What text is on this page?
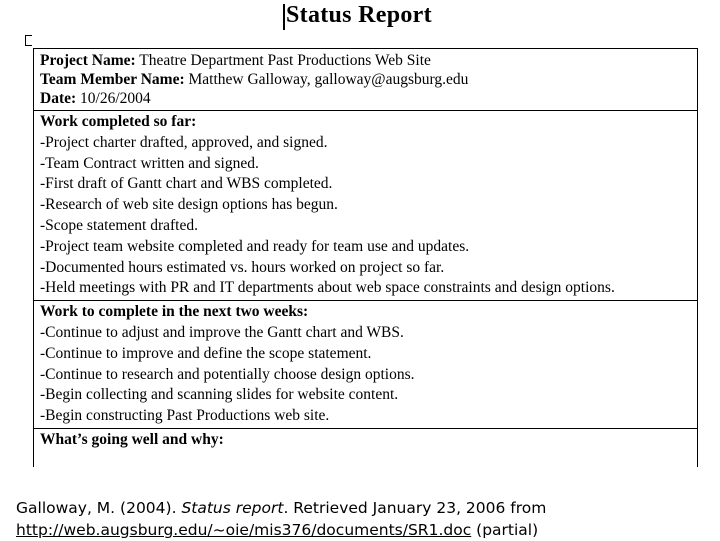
Status Report
Project Name: Theatre Department Past Productions Web Site
Team Member Name: Matthew Galloway, galloway@augsburg.edu
Date: 10/26/2004
Work completed so far:
-Project charter drafted, approved, and signed.
-Team Contract written and signed.
-First draft of Gantt chart and WBS completed.
-Research of web site design options has begun.
-Scope statement drafted.
-Project team website completed and ready for team use and updates.
-Documented hours estimated vs. hours worked on project so far.
-Held meetings with PR and IT departments about web space constraints and design options.
Work to complete in the next two weeks:
-Continue to adjust and improve the Gantt chart and WBS.
-Continue to improve and define the scope statement.
-Continue to research and potentially choose design options.
-Begin collecting and scanning slides for website content.
-Begin constructing Past Productions web site.
What’s going well and why:
Galloway, M. (2004). Status report. Retrieved January 23, 2006 from
http://web.augsburg.edu/~oie/mis376/documents/SR1.doc (partial)
